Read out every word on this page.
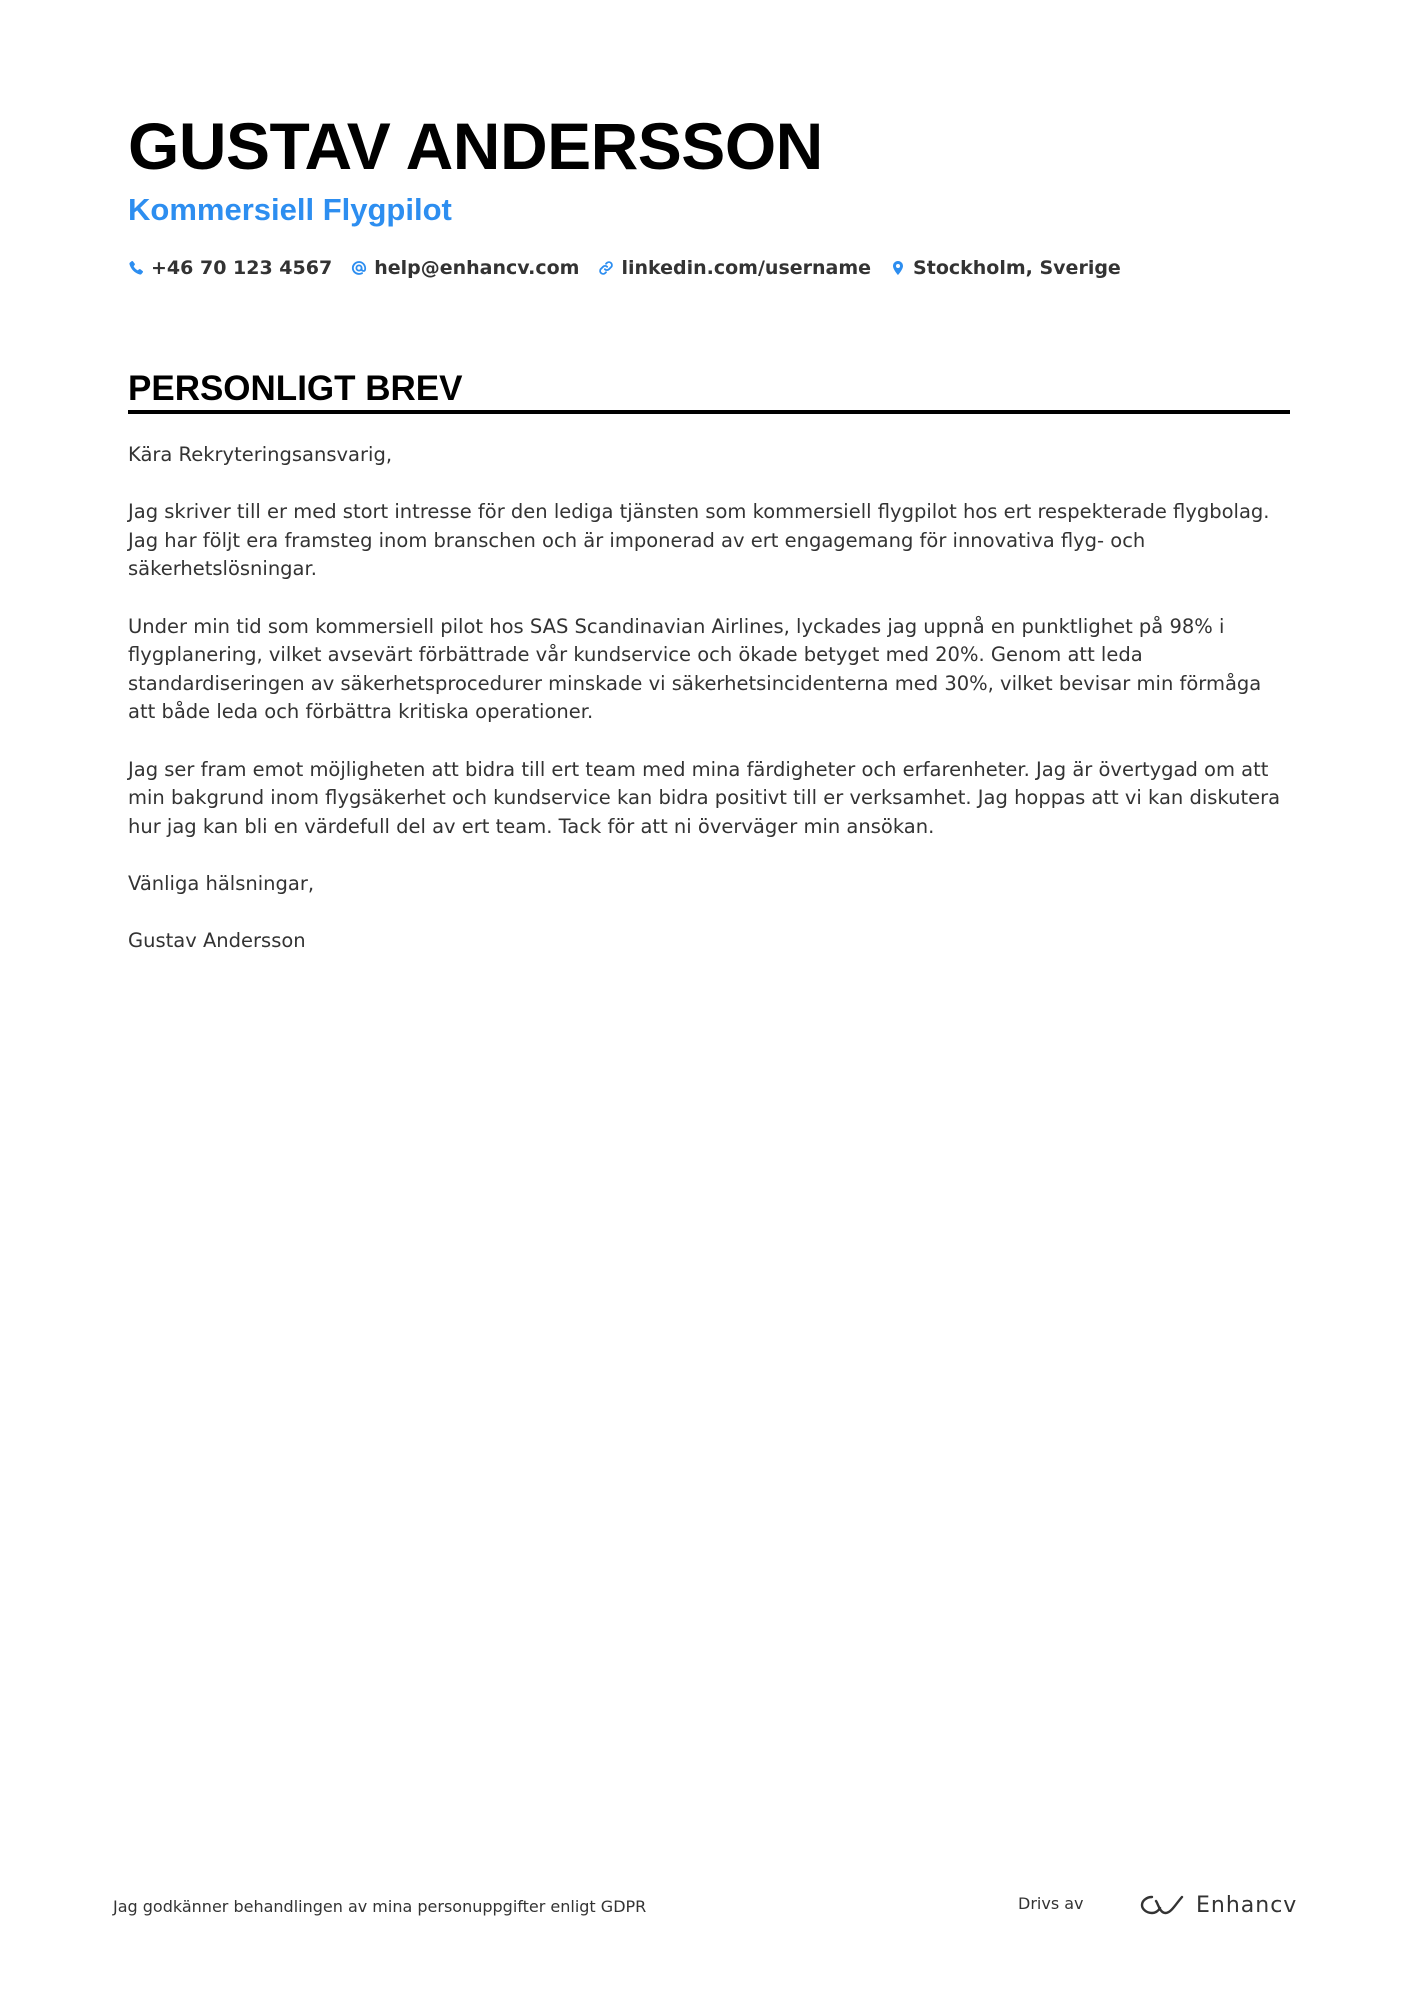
GUSTAV ANDERSSON
Kommersiell Flygpilot
+46 70 123 4567 help@enhancv.com linkedin.com/username Stockholm, Sverige
PERSONLIGT BREV

Kära Rekryteringsansvarig,

Jag skriver till er med stort intresse för den lediga tjänsten som kommersiell flygpilot hos ert respekterade flygbolag. Jag har följt era framsteg inom branschen och är imponerad av ert engagemang för innovativa flyg- och säkerhetslösningar.

Under min tid som kommersiell pilot hos SAS Scandinavian Airlines, lyckades jag uppnå en punktlighet på 98% i flygplanering, vilket avsevärt förbättrade vår kundservice och ökade betyget med 20%. Genom att leda standardiseringen av säkerhetsprocedurer minskade vi säkerhetsincidenterna med 30%, vilket bevisar min förmåga att både leda och förbättra kritiska operationer.

Jag ser fram emot möjligheten att bidra till ert team med mina färdigheter och erfarenheter. Jag är övertygad om att min bakgrund inom flygsäkerhet och kundservice kan bidra positivt till er verksamhet. Jag hoppas att vi kan diskutera hur jag kan bli en värdefull del av ert team. Tack för att ni överväger min ansökan.

Vänliga hälsningar,

Gustav Andersson

Jag godkänner behandlingen av mina personuppgifter enligt GDPR	Drivs av	Enhancv
